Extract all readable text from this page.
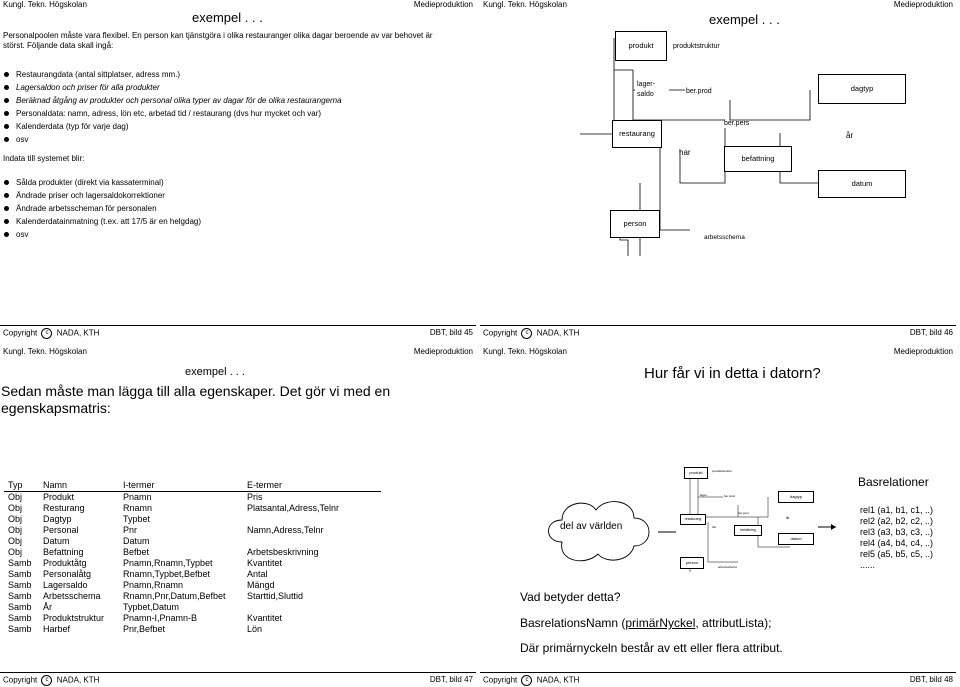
Kungl. Tekn. Högskolan	Medieproduktion
exempel . . .
Personalpoolen måste vara flexibel. En person kan tjänstgöra i olika restauranger olika dagar beroende av var behovet är störst. Följande data skall ingå:
Restaurangdata (antal sittplatser, adress mm.)
Lagersaldon och priser för alla produkter
Beräknad åtgång av produkter och personal olika typer av dagar för de olika restaurangerna
Personaldata: namn, adress, lön etc, arbetad tid / restaurang (dvs hur mycket och var)
Kalenderdata (typ för varje dag)
osv
Indata till systemet blir:
Sålda produkter (direkt via kassaterminal)
Ändrade priser och lagersaldokorrektioner
Ändrade arbetsscheman för personalen
Kalenderdatainmatning (t.ex. att 17/5 är en helgdag)
osv
Copyright c NADA, KTH	DBT, bild 45
Kungl. Tekn. Högskolan	Medieproduktion
exempel . . .
produkt	produktstruktur
lager-
saldo	ber.prod	dagtyp
restaurang
ber.pers
år
har
befattning
datum
person
arbetsschema
Copyright c NADA, KTH	DBT, bild 46
Kungl. Tekn. Högskolan	Medieproduktion
exempel . . .
Sedan måste man lägga till alla egenskaper. Det gör vi med en egenskapsmatris:
Typ	Namn	I-termer	E-termer
Obj	Produkt	Pnamn	Pris
Obj	Resturang	Rnamn	Platsantal,Adress,Telnr
Obj	Dagtyp	Typbet	
Obj	Personal	Pnr	Namn,Adress,Telnr
Obj	Datum	Datum	
Obj	Befattning	Befbet	Arbetsbeskrivning
Samb	Produktåtg	Pnamn,Rnamn,Typbet	Kvantitet
Samb	Personalåtg	Rnamn,Typbet,Befbet	Antal
Samb	Lagersaldo	Pnamn,Rnamn	Mängd
Samb	Arbetsschema	Rnamn,Pnr,Datum,Befbet	Starttid,Sluttid
Samb	År	Typbet,Datum	
Samb	Produktstruktur	Pnamn-I,Pnamn-B	Kvantitet
Samb	Harbef	Pnr,Befbet	Lön
Copyright c NADA, KTH	DBT, bild 47
Kungl. Tekn. Högskolan	Medieproduktion
Hur får vi in detta i datorn?
del av världen
produkt	produktstruktur
lager-	ber.prod	dagtyp
restaurang
ber.pers
år
har
befattning
datum
person
arbetsschema
Basrelationer
rel1 (a1, b1, c1, ..)
rel2 (a2, b2, c2, ..)
rel3 (a3, b3, c3, ..)
rel4 (a4, b4, c4, ..)
rel5 (a5, b5, c5, ..)
......
Vad betyder detta?
BasrelationsNamn (primärNyckel, attributLista);
Där primärnyckeln består av ett eller flera attribut.
Copyright c NADA, KTH	DBT, bild 48
